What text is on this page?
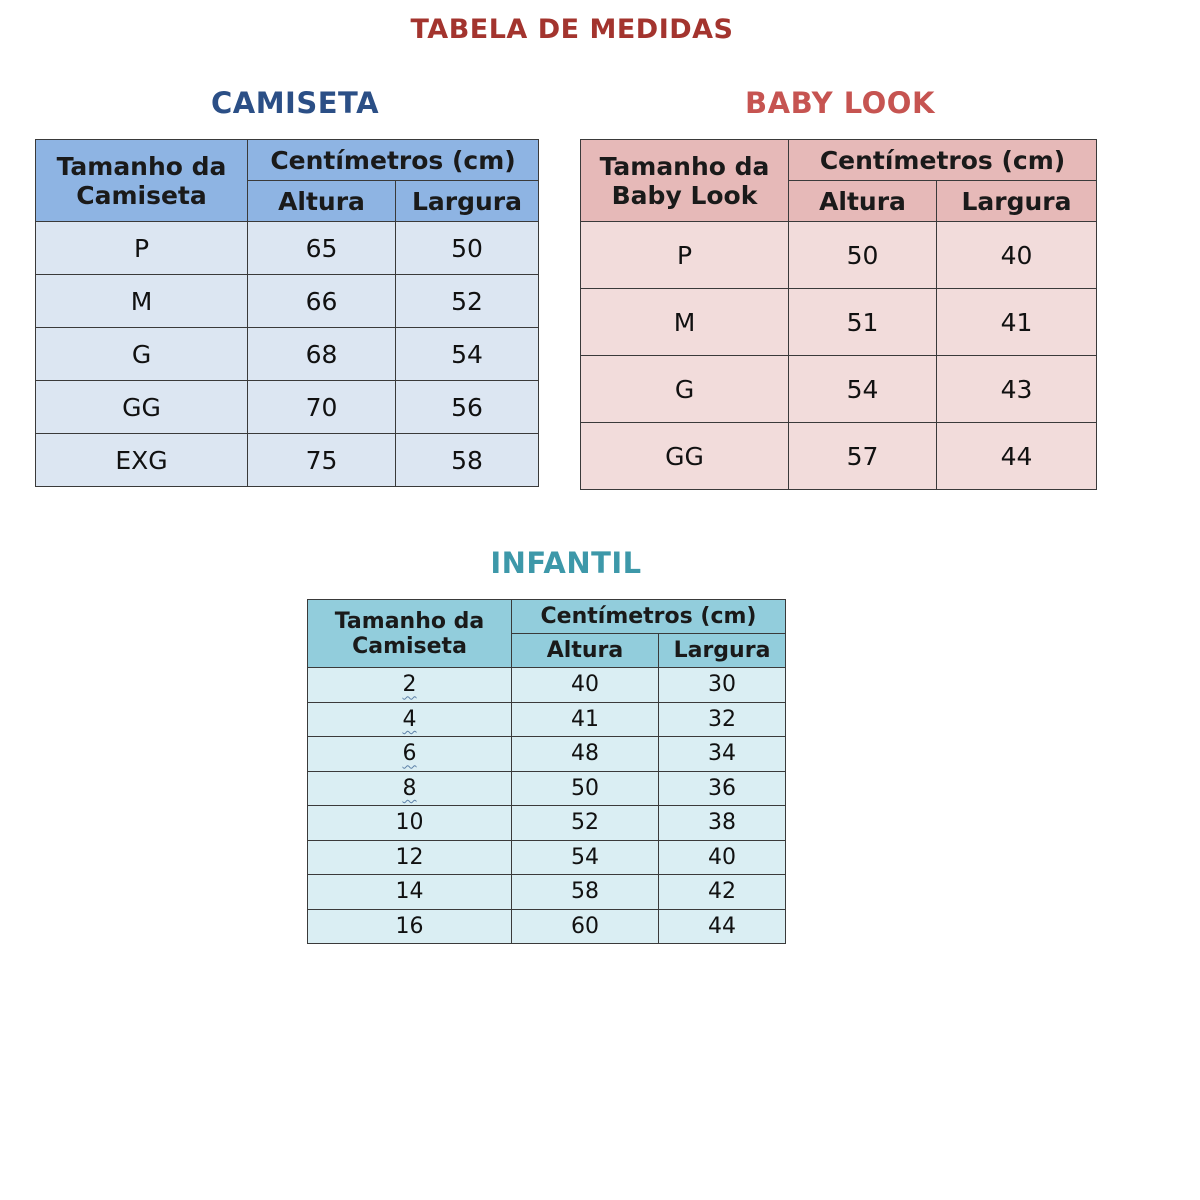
TABELA DE MEDIDAS
CAMISETA	BABY LOOK
INFANTIL
Tamanho da Camiseta	Centímetros (cm)	
	Altura	Largura
P	65	50
M	66	52
G	68	54
GG	70	56
EXG	75	58
Tamanho da Baby Look	Centímetros (cm)	
	Altura	Largura
P	50	40
M	51	41
G	54	43
GG	57	44
Tamanho da Camiseta	Centímetros (cm)	
	Altura	Largura
2	40	30
4	41	32
6	48	34
8	50	36
10	52	38
12	54	40
14	58	42
16	60	44
